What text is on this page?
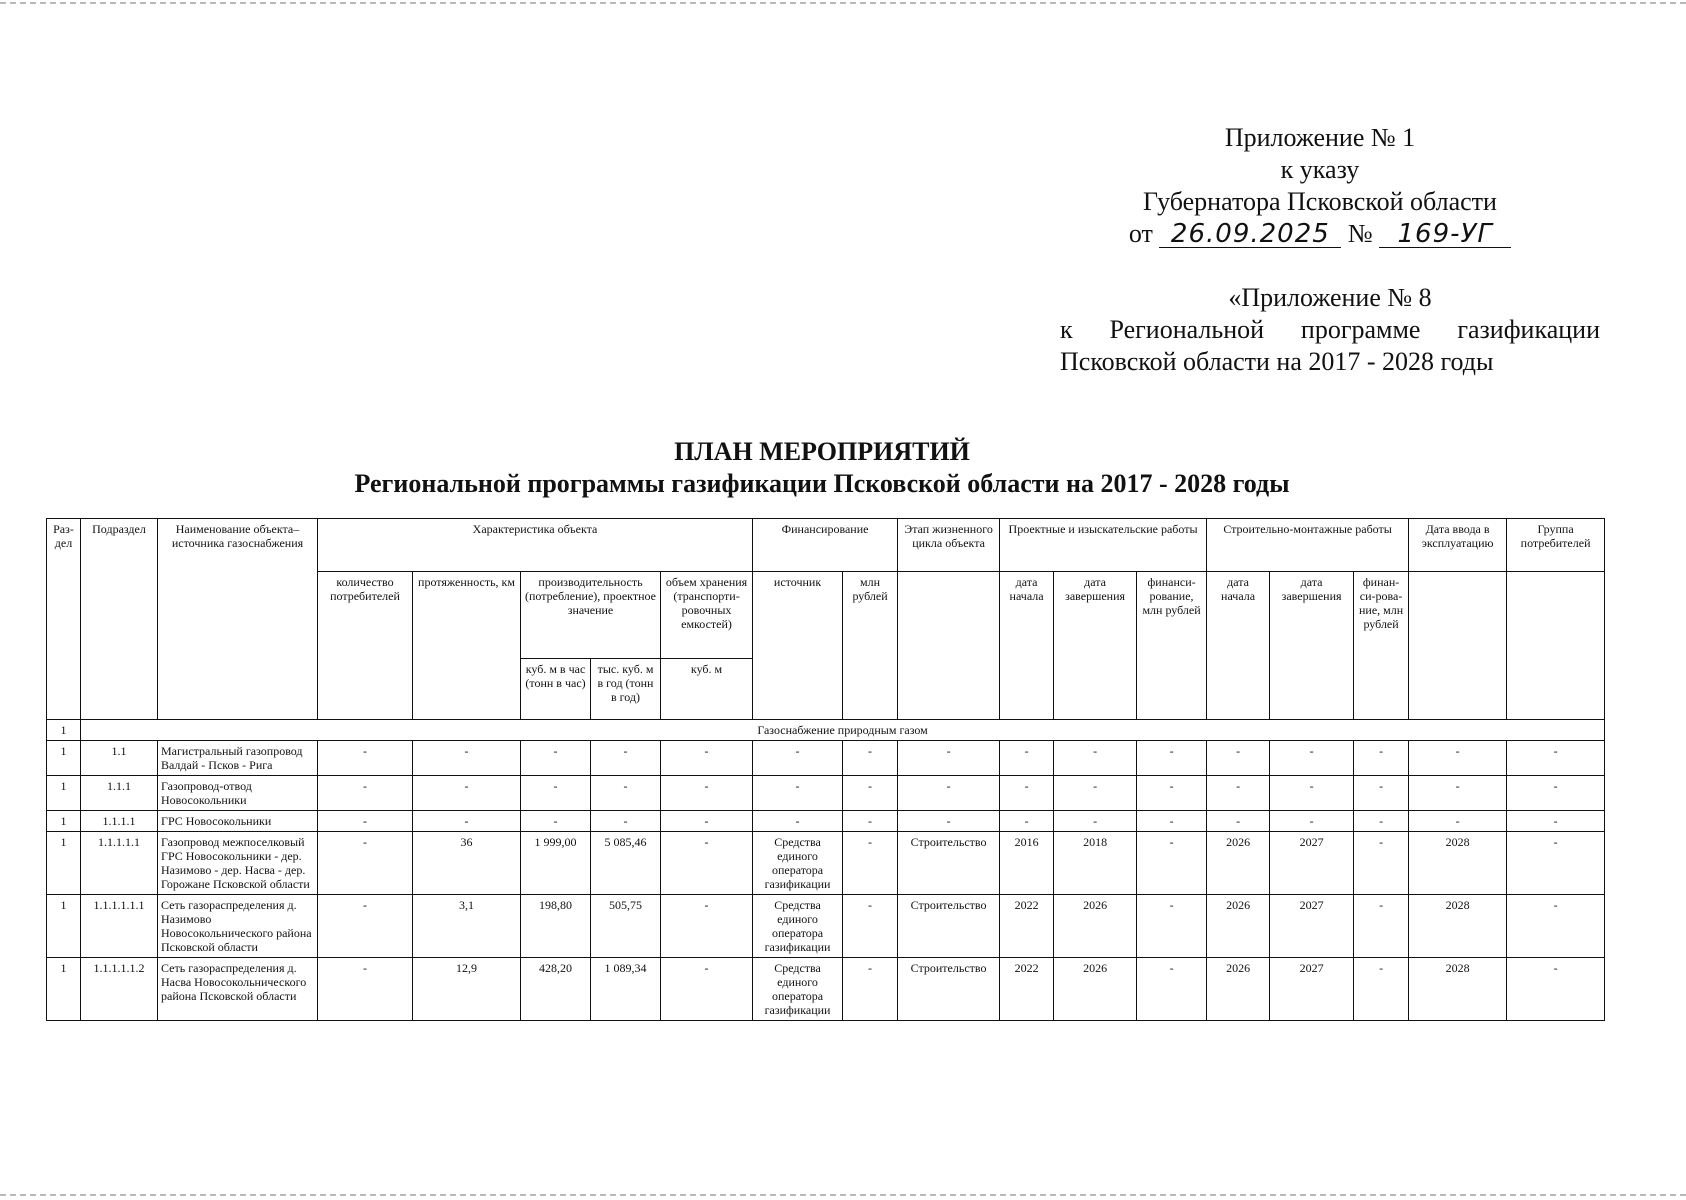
Приложение № 1
к указу
Губернатора Псковской области
от 26.09.2025 № 169-УГ
«Приложение № 8
к Региональной программе газификации
Псковской области на 2017 - 2028 годы
ПЛАН МЕРОПРИЯТИЙ
Региональной программы газификации Псковской области на 2017 - 2028 годы
Раз-дел	Подраздел	Наименование объекта–источника газоснабжения	Характеристика объекта					Финансирование		Этап жизненного цикла объекта	Проектные и изыскательские работы			Строительно-монтажные работы			Дата ввода в эксплуатацию	Группа потребителей
			количество потребителей	протяженность, км	производительность (потребление), проектное значение		объем хранения (транспорти-ровочных емкостей)	источник	млн рублей		дата начала	дата завершения	финанси-рование, млн рублей	дата начала	дата завершения	финан-си-рова-ние, млн рублей		
					куб. м в час (тонн в час)	тыс. куб. м в год (тонн в год)	куб. м											
1	Газоснабжение природным газом																	
1	1.1	Магистральный газопровод Валдай - Псков - Рига	-	-	-	-	-	-	-	-	-	-	-	-	-	-	-	-
1	1.1.1	Газопровод-отвод Новосокольники	-	-	-	-	-	-	-	-	-	-	-	-	-	-	-	-
1	1.1.1.1	ГРС Новосокольники	-	-	-	-	-	-	-	-	-	-	-	-	-	-	-	-
1	1.1.1.1.1	Газопровод межпоселковый ГРС Новосокольники - дер. Назимово - дер. Насва - дер. Горожане Псковской области	-	36	1 999,00	5 085,46	-	Средства единого оператора газификации	-	Строительство	2016	2018	-	2026	2027	-	2028	-
1	1.1.1.1.1.1	Сеть газораспределения д. Назимово Новосокольнического района Псковской области	-	3,1	198,80	505,75	-	Средства единого оператора газификации	-	Строительство	2022	2026	-	2026	2027	-	2028	-
1	1.1.1.1.1.2	Сеть газораспределения д. Насва Новосокольнического района Псковской области	-	12,9	428,20	1 089,34	-	Средства единого оператора газификации	-	Строительство	2022	2026	-	2026	2027	-	2028	-
